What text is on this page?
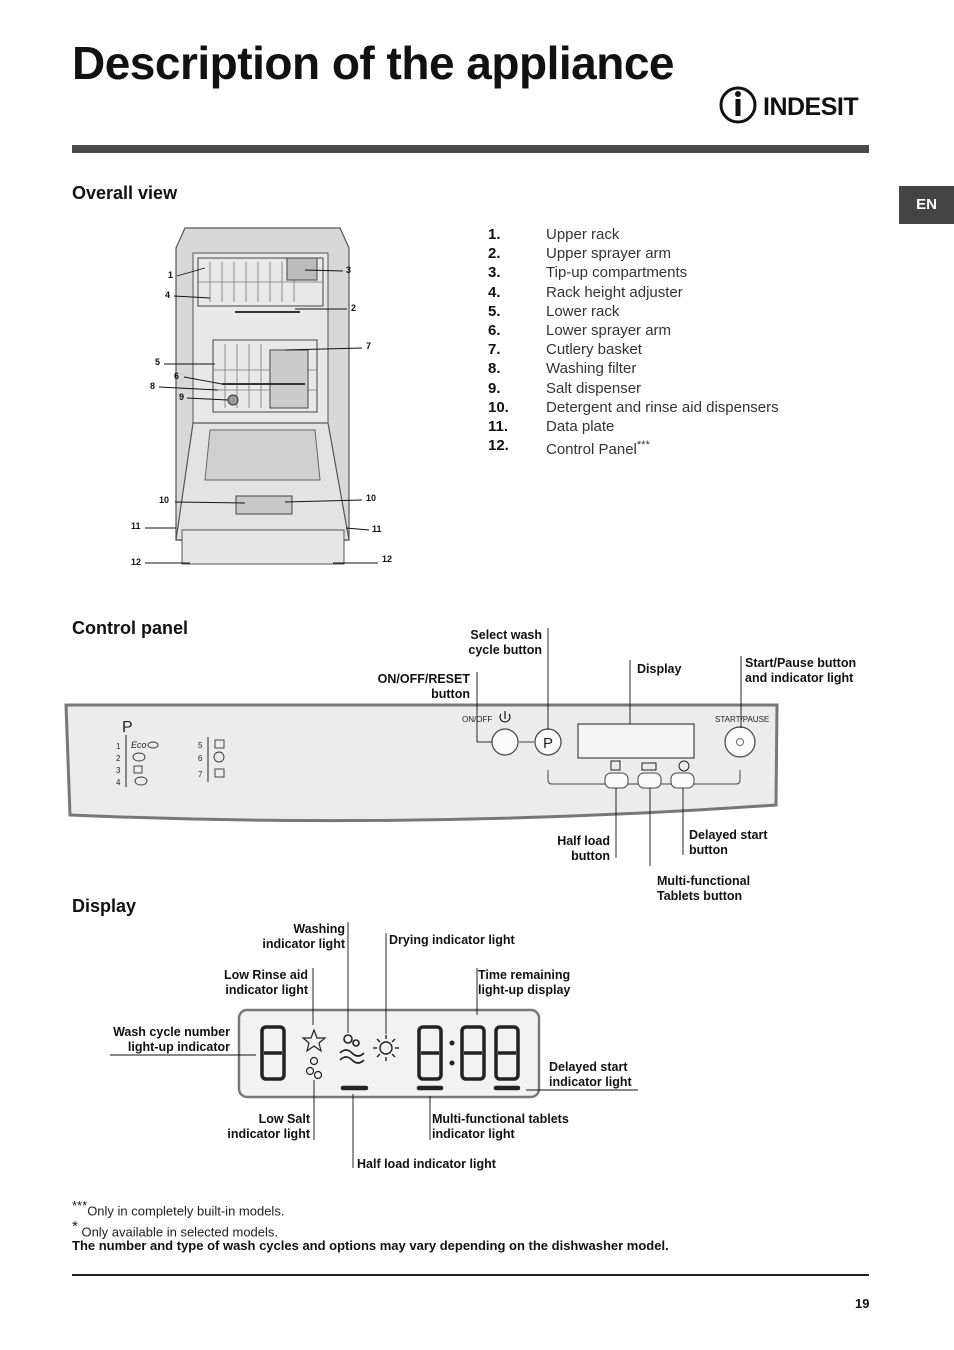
Description of the appliance
INDESIT
EN
Overall view
1
4
3
2
7
5
6
8
9
10	10
11	11
12	12
1.	Upper rack
2.	Upper sprayer arm
3.	Tip-up compartments
4.	Rack height adjuster
5.	Lower rack
6.	Lower sprayer arm
7.	Cutlery basket
8.	Washing filter
9.	Salt dispenser
10.	Detergent and rinse aid dispensers
11.	Data plate
12.	Control Panel***
Control panel	Select wash
cycle button
ON/OFF/RESET
button
Display	Start/Pause button
and indicator light
Half load
button
Delayed start
button
Multi-functional
Tablets button
P
1
2
3
4
Eco	5
6
7
ON/OFF
P
START/PAUSE
Display
Washing
indicator light	Drying indicator light
Low Rinse aid
indicator light
Time remaining
light-up display
Wash cycle number
light-up indicator
Delayed start
indicator light
Low Salt
indicator light
Multi-functional tablets
indicator light
Half load indicator light
***Only in completely built-in models.
* Only available in selected models.
The number and type of wash cycles and options may vary depending on the dishwasher model.
19
